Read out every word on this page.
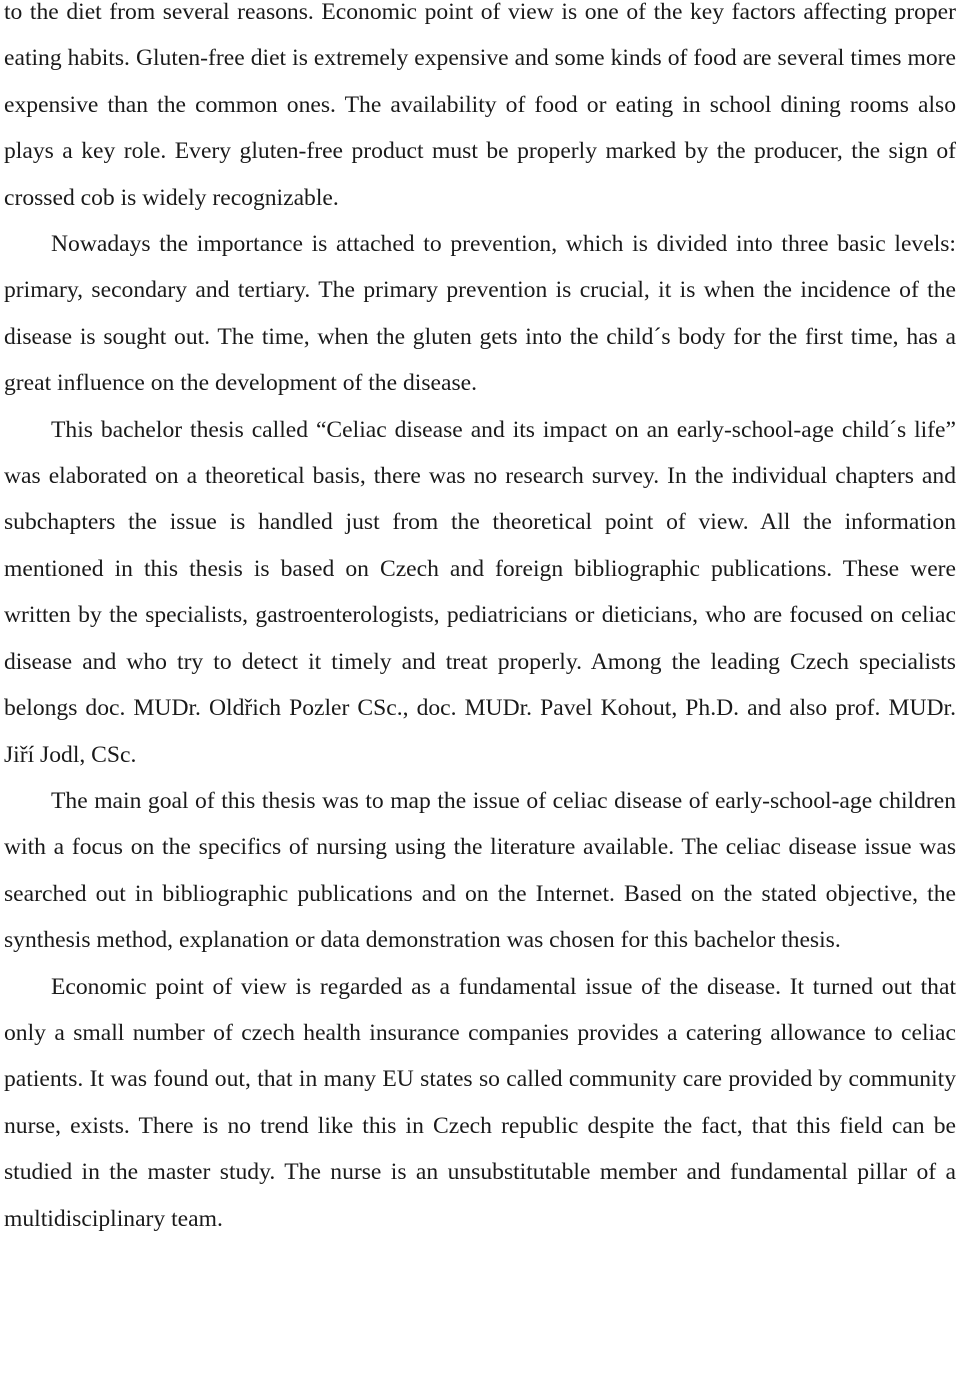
to the diet from several reasons. Economic point of view is one of the key factors affecting proper eating habits. Gluten-free diet is extremely expensive and some kinds of food are several times more expensive than the common ones. The availability of food or eating in school dining rooms also plays a key role. Every gluten-free product must be properly marked by the producer, the sign of crossed cob is widely recognizable.

Nowadays the importance is attached to prevention, which is divided into three basic levels: primary, secondary and tertiary. The primary prevention is crucial, it is when the incidence of the disease is sought out. The time, when the gluten gets into the child´s body for the first time, has a great influence on the development of the disease.

This bachelor thesis called “Celiac disease and its impact on an early-school-age child´s life” was elaborated on a theoretical basis, there was no research survey. In the individual chapters and subchapters the issue is handled just from the theoretical point of view. All the information mentioned in this thesis is based on Czech and foreign bibliographic publications. These were written by the specialists, gastroenterologists, pediatricians or dieticians, who are focused on celiac disease and who try to detect it timely and treat properly. Among the leading Czech specialists belongs doc. MUDr. Oldřich Pozler CSc., doc. MUDr. Pavel Kohout, Ph.D. and also prof. MUDr. Jiří Jodl, CSc.

The main goal of this thesis was to map the issue of celiac disease of early-school-age children with a focus on the specifics of nursing using the literature available. The celiac disease issue was searched out in bibliographic publications and on the Internet. Based on the stated objective, the synthesis method, explanation or data demonstration was chosen for this bachelor thesis.

Economic point of view is regarded as a fundamental issue of the disease. It turned out that only a small number of czech health insurance companies provides a catering allowance to celiac patients. It was found out, that in many EU states so called community care provided by community nurse, exists. There is no trend like this in Czech republic despite the fact, that this field can be studied in the master study. The nurse is an unsubstitutable member and fundamental pillar of a multidisciplinary team.
